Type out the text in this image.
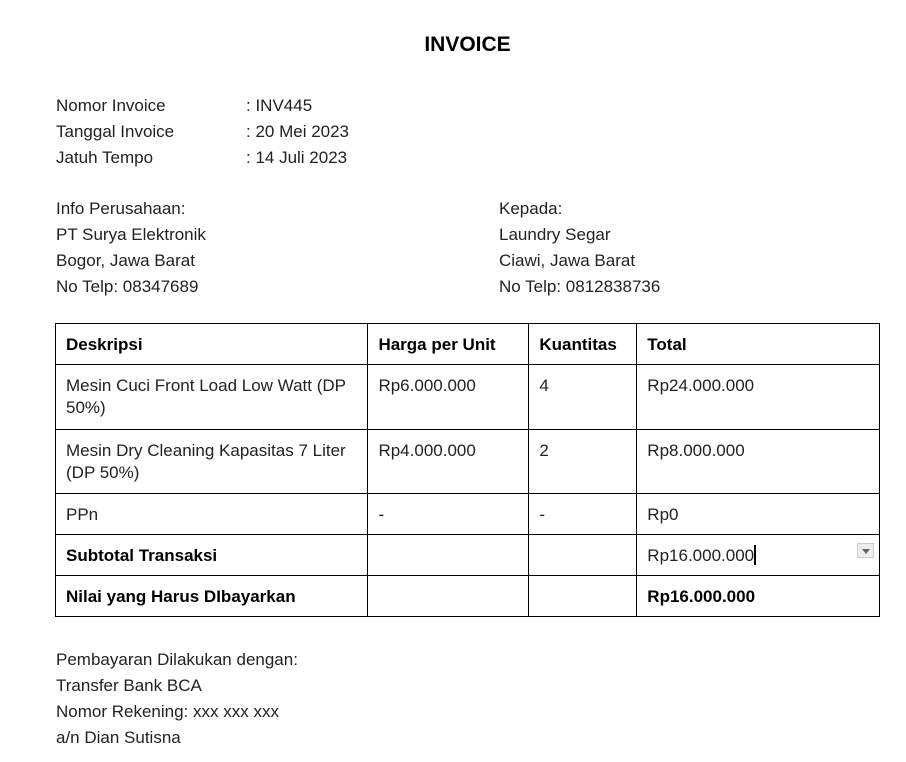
INVOICE
Nomor Invoice	: INV445
Tanggal Invoice	: 20 Mei 2023
Jatuh Tempo	: 14 Juli 2023
Info Perusahaan:
PT Surya Elektronik
Bogor, Jawa Barat
No Telp: 08347689
Kepada:
Laundry Segar
Ciawi, Jawa Barat
No Telp: 0812838736
Deskripsi	Harga per Unit	Kuantitas	Total
Mesin Cuci Front Load Low Watt (DP 50%)	Rp6.000.000	4	Rp24.000.000
Mesin Dry Cleaning Kapasitas 7 Liter (DP 50%)	Rp4.000.000	2	Rp8.000.000
PPn	-	-	Rp0
Subtotal Transaksi			Rp16.000.000
Nilai yang Harus DIbayarkan			Rp16.000.000
Pembayaran Dilakukan dengan:
Transfer Bank BCA
Nomor Rekening: xxx xxx xxx
a/n Dian Sutisna
